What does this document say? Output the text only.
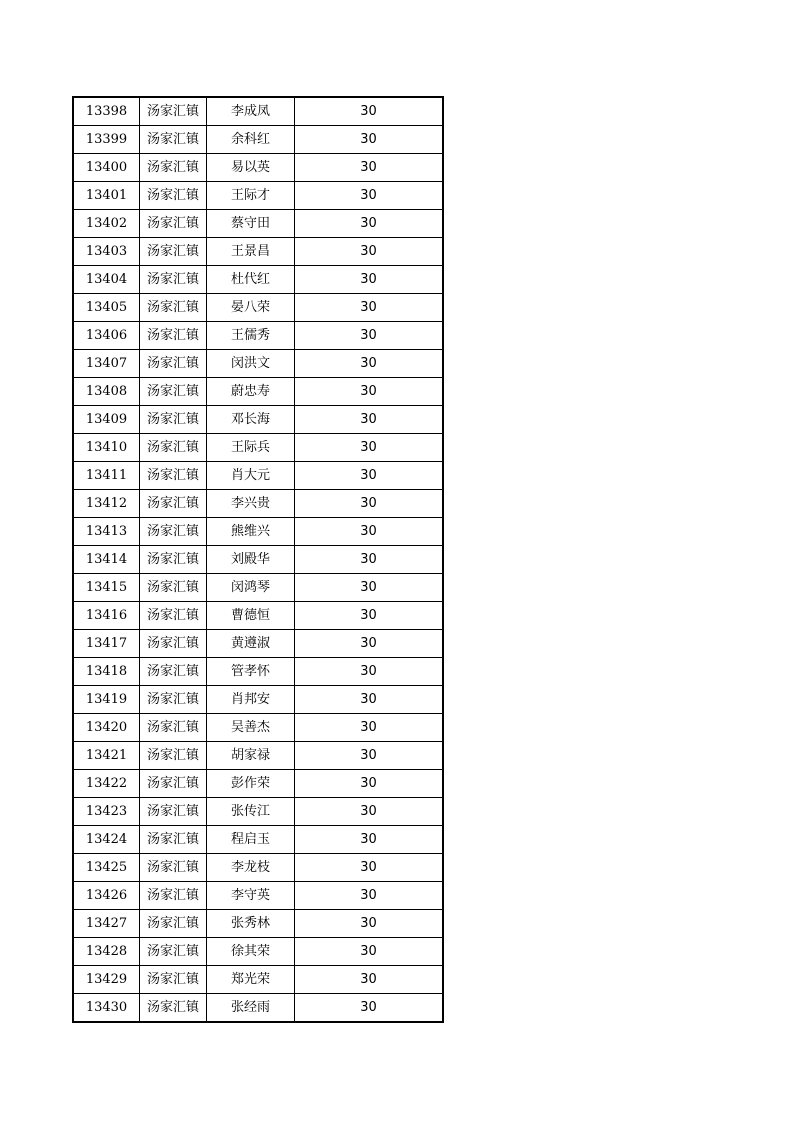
13398	汤家汇镇	李成凤	30
13399	汤家汇镇	余科红	30
13400	汤家汇镇	易以英	30
13401	汤家汇镇	王际才	30
13402	汤家汇镇	蔡守田	30
13403	汤家汇镇	王景昌	30
13404	汤家汇镇	杜代红	30
13405	汤家汇镇	晏八荣	30
13406	汤家汇镇	王儒秀	30
13407	汤家汇镇	闵洪文	30
13408	汤家汇镇	蔚忠寿	30
13409	汤家汇镇	邓长海	30
13410	汤家汇镇	王际兵	30
13411	汤家汇镇	肖大元	30
13412	汤家汇镇	李兴贵	30
13413	汤家汇镇	熊维兴	30
13414	汤家汇镇	刘殿华	30
13415	汤家汇镇	闵鸿琴	30
13416	汤家汇镇	曹德恒	30
13417	汤家汇镇	黄遵淑	30
13418	汤家汇镇	管孝怀	30
13419	汤家汇镇	肖邦安	30
13420	汤家汇镇	吴善杰	30
13421	汤家汇镇	胡家禄	30
13422	汤家汇镇	彭作荣	30
13423	汤家汇镇	张传江	30
13424	汤家汇镇	程启玉	30
13425	汤家汇镇	李龙枝	30
13426	汤家汇镇	李守英	30
13427	汤家汇镇	张秀林	30
13428	汤家汇镇	徐其荣	30
13429	汤家汇镇	郑光荣	30
13430	汤家汇镇	张经雨	30
